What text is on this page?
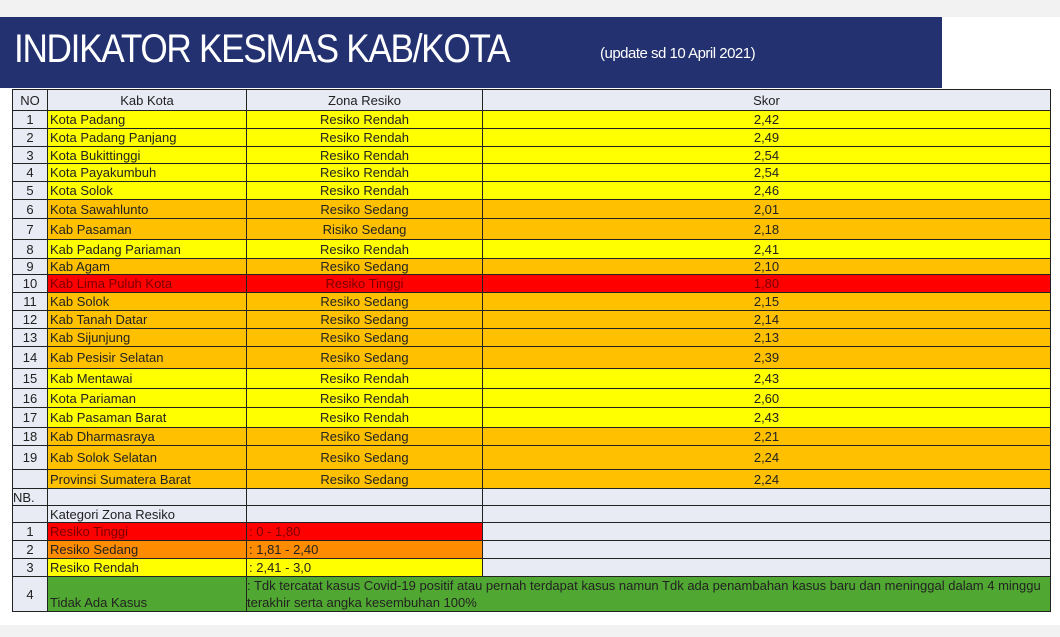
INDIKATOR KESMAS KAB/KOTA	(update sd 10 April 2021)
NO	Kab Kota	Zona Resiko	Skor
1	Kota Padang	Resiko Rendah	2,42
2	Kota Padang Panjang	Resiko Rendah	2,49
3	Kota Bukittinggi	Resiko Rendah	2,54
4	Kota Payakumbuh	Resiko Rendah	2,54
5	Kota Solok	Resiko Rendah	2,46
6	Kota Sawahlunto	Resiko Sedang	2,01
7	Kab Pasaman	Risiko Sedang	2,18
8	Kab Padang Pariaman	Resiko Rendah	2,41
9	Kab Agam	Resiko Sedang	2,10
10	Kab Lima Puluh Kota	Resiko Tinggi	1,80
11	Kab Solok	Resiko Sedang	2,15
12	Kab Tanah Datar	Resiko Sedang	2,14
13	Kab Sijunjung	Resiko Sedang	2,13
14	Kab Pesisir Selatan	Resiko Sedang	2,39
15	Kab Mentawai	Resiko Rendah	2,43
16	Kota Pariaman	Resiko Rendah	2,60
17	Kab Pasaman Barat	Resiko Rendah	2,43
18	Kab Dharmasraya	Resiko Sedang	2,21
19	Kab Solok Selatan	Resiko Sedang	2,24
	Provinsi Sumatera Barat	Resiko Sedang	2,24
NB.			
	Kategori Zona Resiko		
1	Resiko Tinggi	: 0 - 1,80	
2	Resiko Sedang	: 1,81 - 2,40	
3	Resiko Rendah	: 2,41 - 3,0	
4	Tidak Ada Kasus	: Tdk tercatat kasus Covid-19 positif atau pernah terdapat kasus namun Tdk ada penambahan kasus baru dan meninggal dalam 4 minggu terakhir serta angka kesembuhan 100%	
